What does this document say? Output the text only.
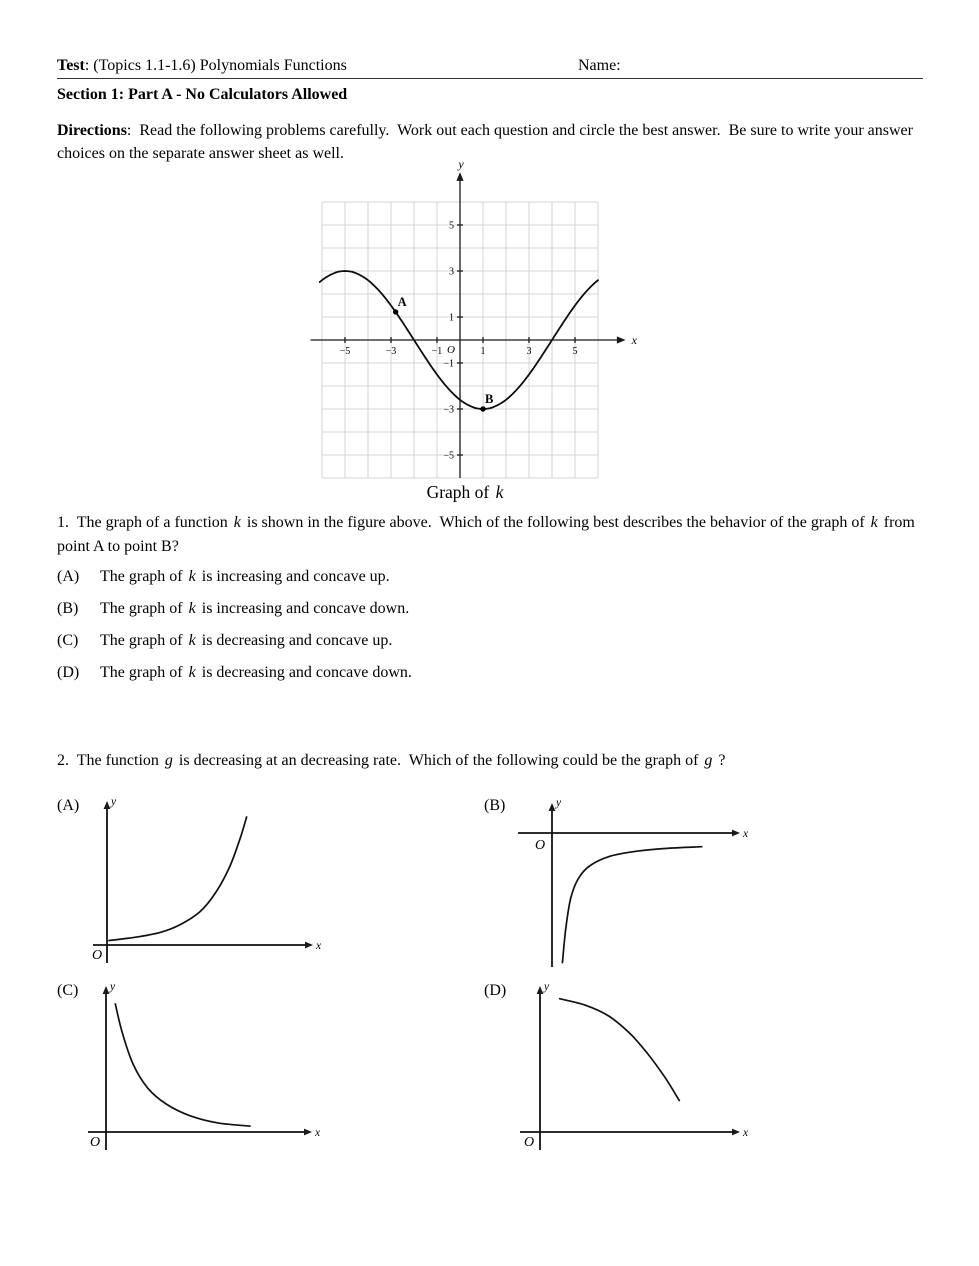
Test: (Topics 1.1-1.6) Polynomials Functions	Name:
Section 1: Part A - No Calculators Allowed

Directions:  Read the following problems carefully.  Work out each question and circle the best answer.  Be sure to write your answer choices on the separate answer sheet as well.

−5	−3	−1	1	3	5
5
3
1
−1
−3
−5
x
y
O
A
B
Graph of k

1.  The graph of a function k is shown in the figure above.  Which of the following best describes the behavior of the graph of k from point A to point B?

(A)	The graph of k is increasing and concave up.
(B)	The graph of k is increasing and concave down.
(C)	The graph of k is decreasing and concave up.
(D)	The graph of k is decreasing and concave down.

2.  The function g is decreasing at an decreasing rate.  Which of the following could be the graph of g ?

(A)
x
y
O
(B)
x
y
O
(C)
x
y
O
(D)
x
y
O
